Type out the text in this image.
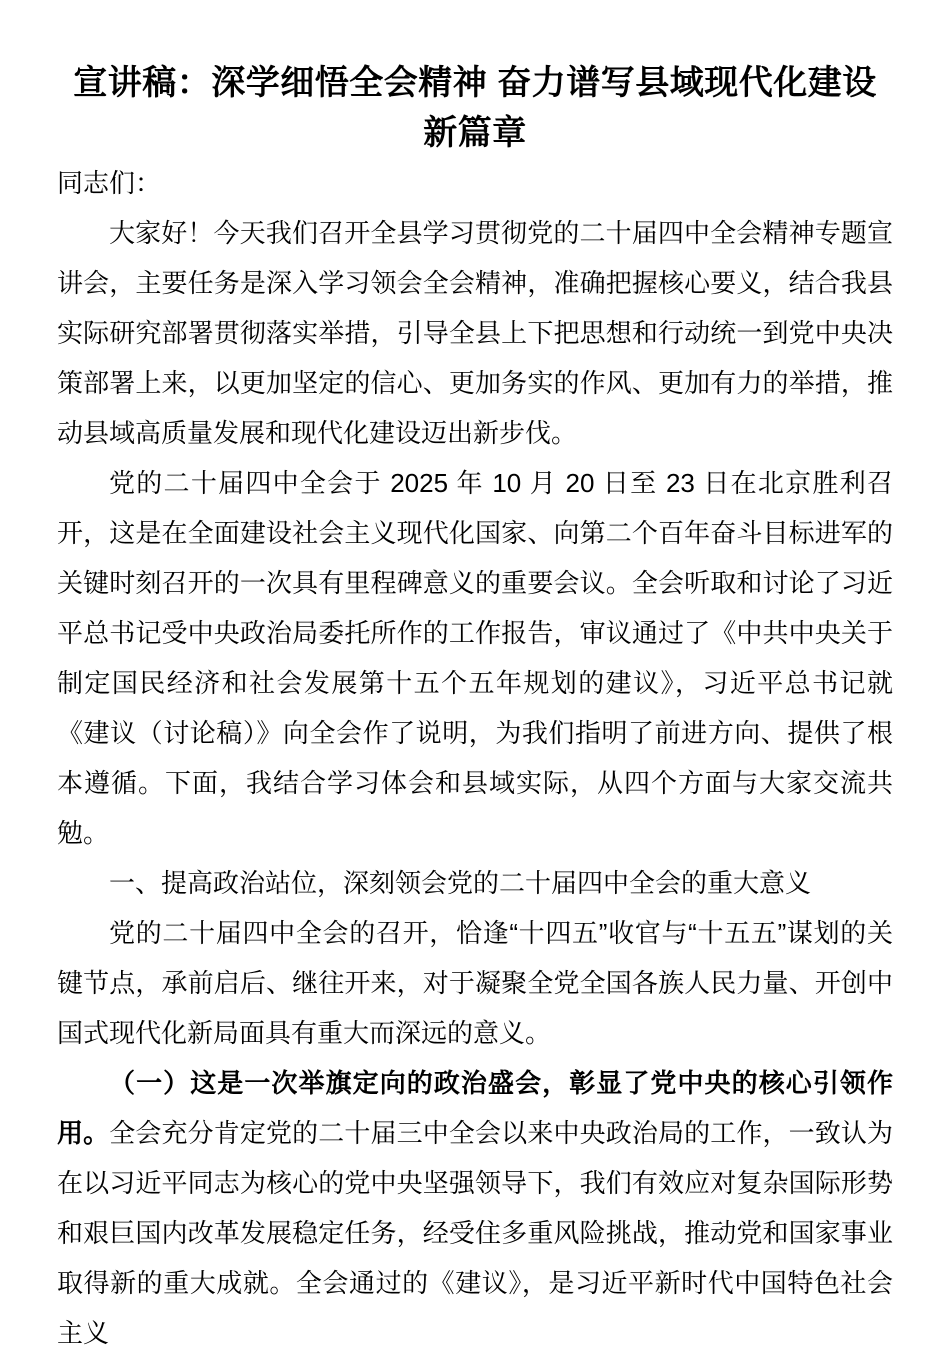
宣讲稿：深学细悟全会精神 奋力谱写县域现代化建设新篇章

同志们：

大家好！今天我们召开全县学习贯彻党的二十届四中全会精神专题宣讲会，主要任务是深入学习领会全会精神，准确把握核心要义，结合我县实际研究部署贯彻落实举措，引导全县上下把思想和行动统一到党中央决策部署上来，以更加坚定的信心、更加务实的作风、更加有力的举措，推动县域高质量发展和现代化建设迈出新步伐。

党的二十届四中全会于 2025 年 10 月 20 日至 23 日在北京胜利召开，这是在全面建设社会主义现代化国家、向第二个百年奋斗目标进军的关键时刻召开的一次具有里程碑意义的重要会议。全会听取和讨论了习近平总书记受中央政治局委托所作的工作报告，审议通过了《中共中央关于制定国民经济和社会发展第十五个五年规划的建议》，习近平总书记就《建议（讨论稿）》向全会作了说明，为我们指明了前进方向、提供了根本遵循。下面，我结合学习体会和县域实际，从四个方面与大家交流共勉。

一、提高政治站位，深刻领会党的二十届四中全会的重大意义

党的二十届四中全会的召开，恰逢“十四五”收官与“十五五”谋划的关键节点，承前启后、继往开来，对于凝聚全党全国各族人民力量、开创中国式现代化新局面具有重大而深远的意义。

（一）这是一次举旗定向的政治盛会，彰显了党中央的核心引领作用。全会充分肯定党的二十届三中全会以来中央政治局的工作，一致认为在以习近平同志为核心的党中央坚强领导下，我们有效应对复杂国际形势和艰巨国内改革发展稳定任务，经受住多重风险挑战，推动党和国家事业取得新的重大成就。全会通过的《建议》，是习近平新时代中国特色社会主义
